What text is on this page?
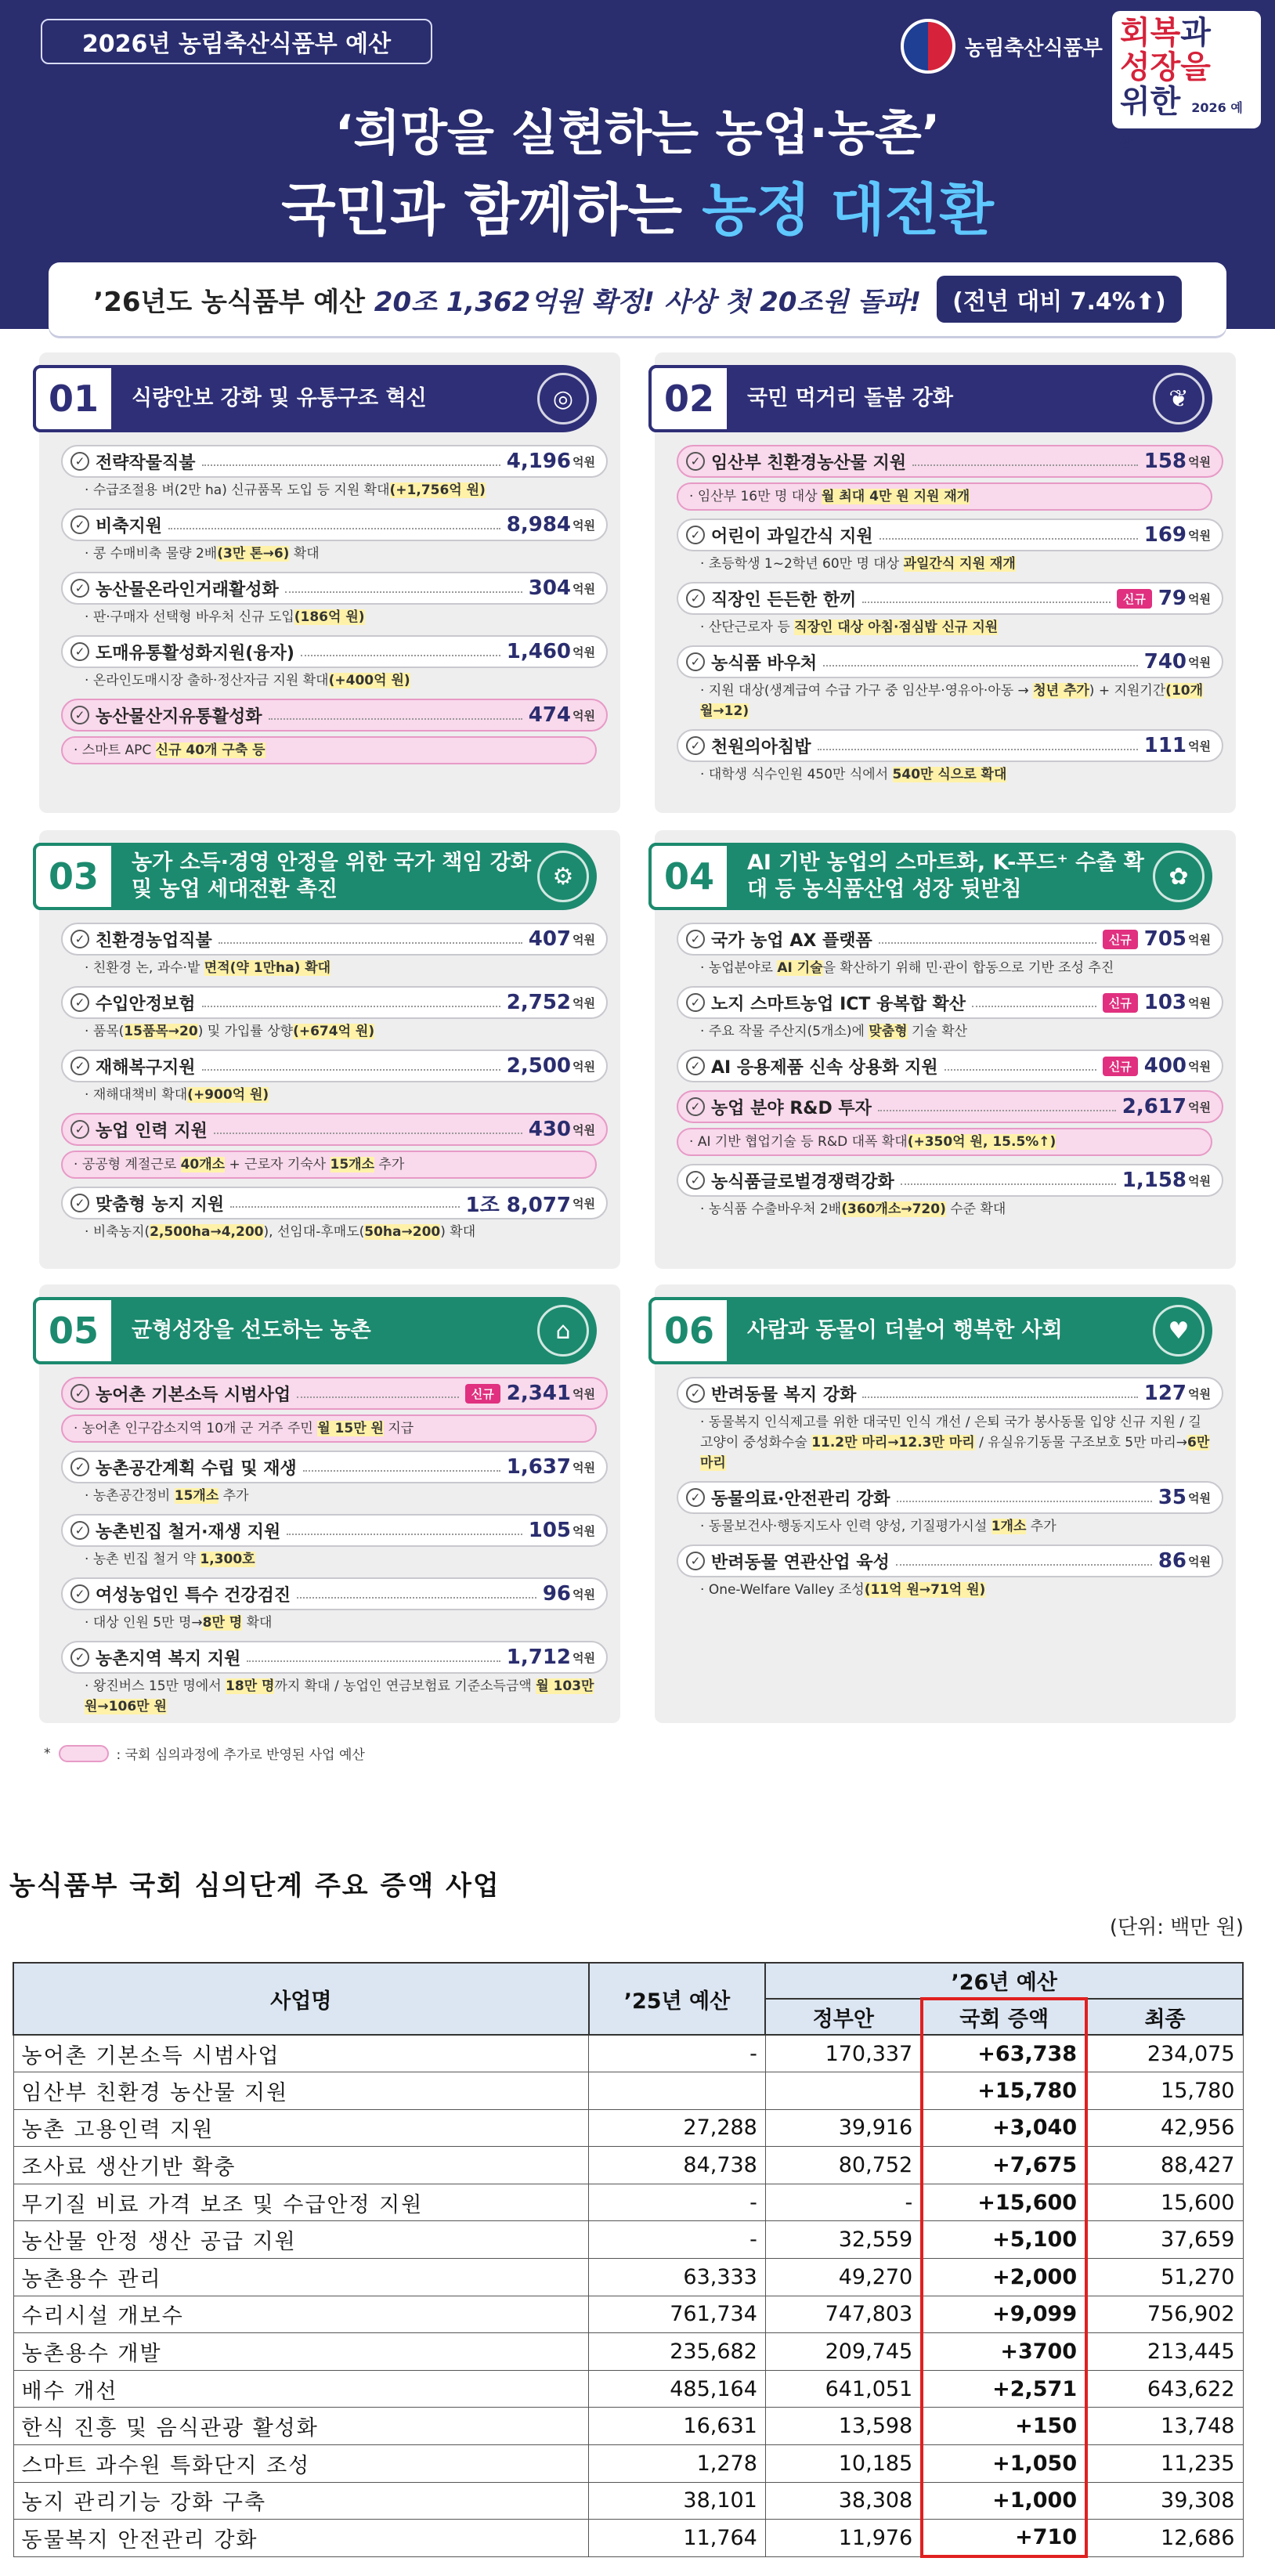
2026년 농림축산식품부 예산	농림축산식품부 회복과
성장을
위한 2026 예산
‘희망을 실현하는 농업·농촌’
국민과 함께하는 농정 대전환
’26년도 농식품부 예산 20조 1,362억원 확정! 사상 첫 20조원 돌파!	(전년 대비 7.4%⬆)
01	식량안보 강화 및 유통구조 혁신	◎
✓ 전략작물직불	4,196 억원
· 수급조절용 벼(2만 ha) 신규품목 도입 등 지원 확대(+1,756억 원)
✓ 비축지원	8,984 억원
· 콩 수매비축 물량 2배(3만 톤→6) 확대
✓ 농산물온라인거래활성화	304 억원
· 판·구매자 선택형 바우처 신규 도입(186억 원)
✓ 도매유통활성화지원(융자)	1,460 억원
· 온라인도매시장 출하·정산자금 지원 확대(+400억 원)
✓ 농산물산지유통활성화	474 억원
· 스마트 APC 신규 40개 구축 등
02	국민 먹거리 돌봄 강화	❦
✓ 임산부 친환경농산물 지원	158 억원
· 임산부 16만 명 대상 월 최대 4만 원 지원 재개
✓ 어린이 과일간식 지원	169 억원
· 초등학생 1~2학년 60만 명 대상 과일간식 지원 재개
✓ 직장인 든든한 한끼	신규 79 억원
· 산단근로자 등 직장인 대상 아침·점심밥 신규 지원
✓ 농식품 바우처	740 억원
· 지원 대상(생계급여 수급 가구 중 임산부·영유아·아동 → 청년 추가) + 지원기간(10개월→12)
✓ 천원의아침밥	111 억원
· 대학생 식수인원 450만 식에서 540만 식으로 확대
03	농가 소득·경영 안정을 위한 국가 책임 강화 및 농업 세대전환 촉진	⚙
✓ 친환경농업직불	407 억원
· 친환경 논, 과수·밭 면적(약 1만ha) 확대
✓ 수입안정보험	2,752 억원
· 품목(15품목→20) 및 가입률 상향(+674억 원)
✓ 재해복구지원	2,500 억원
· 재해대책비 확대(+900억 원)
✓ 농업 인력 지원	430 억원
· 공공형 계절근로 40개소 + 근로자 기숙사 15개소 추가
✓ 맞춤형 농지 지원	1조 8,077 억원
· 비축농지(2,500ha→4,200), 선임대-후매도(50ha→200) 확대
04	AI 기반 농업의 스마트화, K-푸드⁺ 수출 확대 등 농식품산업 성장 뒷받침	✿
✓ 국가 농업 AX 플랫폼	신규 705 억원
· 농업분야로 AI 기술을 확산하기 위해 민·관이 합동으로 기반 조성 추진
✓ 노지 스마트농업 ICT 융복합 확산	신규 103 억원
· 주요 작물 주산지(5개소)에 맞춤형 기술 확산
✓ AI 응용제품 신속 상용화 지원	신규 400 억원
✓ 농업 분야 R&D 투자	2,617 억원
· AI 기반 협업기술 등 R&D 대폭 확대(+350억 원, 15.5%↑)
✓ 농식품글로벌경쟁력강화	1,158 억원
· 농식품 수출바우처 2배(360개소→720) 수준 확대
05	균형성장을 선도하는 농촌	⌂
✓ 농어촌 기본소득 시범사업	신규 2,341 억원
· 농어촌 인구감소지역 10개 군 거주 주민 월 15만 원 지급
✓ 농촌공간계획 수립 및 재생	1,637 억원
· 농촌공간정비 15개소 추가
✓ 농촌빈집 철거·재생 지원	105 억원
· 농촌 빈집 철거 약 1,300호
✓ 여성농업인 특수 건강검진	96 억원
· 대상 인원 5만 명→8만 명 확대
✓ 농촌지역 복지 지원	1,712 억원
· 왕진버스 15만 명에서 18만 명까지 확대 / 농업인 연금보험료 기준소득금액 월 103만 원→106만 원
06	사람과 동물이 더불어 행복한 사회	♥
✓ 반려동물 복지 강화	127 억원
· 동물복지 인식제고를 위한 대국민 인식 개선 / 은퇴 국가 봉사동물 입양 신규 지원 / 길고양이 중성화수술 11.2만 마리→12.3만 마리 / 유실유기동물 구조보호 5만 마리→6만 마리
✓ 동물의료·안전관리 강화	35 억원
· 동물보건사·행동지도사 인력 양성, 기질평가시설 1개소 추가
✓ 반려동물 연관산업 육성	86 억원
· One-Welfare Valley 조성(11억 원→71억 원)
*	: 국회 심의과정에 추가로 반영된 사업 예산
농식품부 국회 심의단계 주요 증액 사업
(단위: 백만 원)
사업명	’25년 예산	’26년 예산		
		정부안	국회 증액	최종
농어촌 기본소득 시범사업	-	170,337	+63,738	234,075
임산부 친환경 농산물 지원			+15,780	15,780
농촌 고용인력 지원	27,288	39,916	+3,040	42,956
조사료 생산기반 확충	84,738	80,752	+7,675	88,427
무기질 비료 가격 보조 및 수급안정 지원	-	-	+15,600	15,600
농산물 안정 생산 공급 지원	-	32,559	+5,100	37,659
농촌용수 관리	63,333	49,270	+2,000	51,270
수리시설 개보수	761,734	747,803	+9,099	756,902
농촌용수 개발	235,682	209,745	+3700	213,445
배수 개선	485,164	641,051	+2,571	643,622
한식 진흥 및 음식관광 활성화	16,631	13,598	+150	13,748
스마트 과수원 특화단지 조성	1,278	10,185	+1,050	11,235
농지 관리기능 강화 구축	38,101	38,308	+1,000	39,308
동물복지 안전관리 강화	11,764	11,976	+710	12,686
